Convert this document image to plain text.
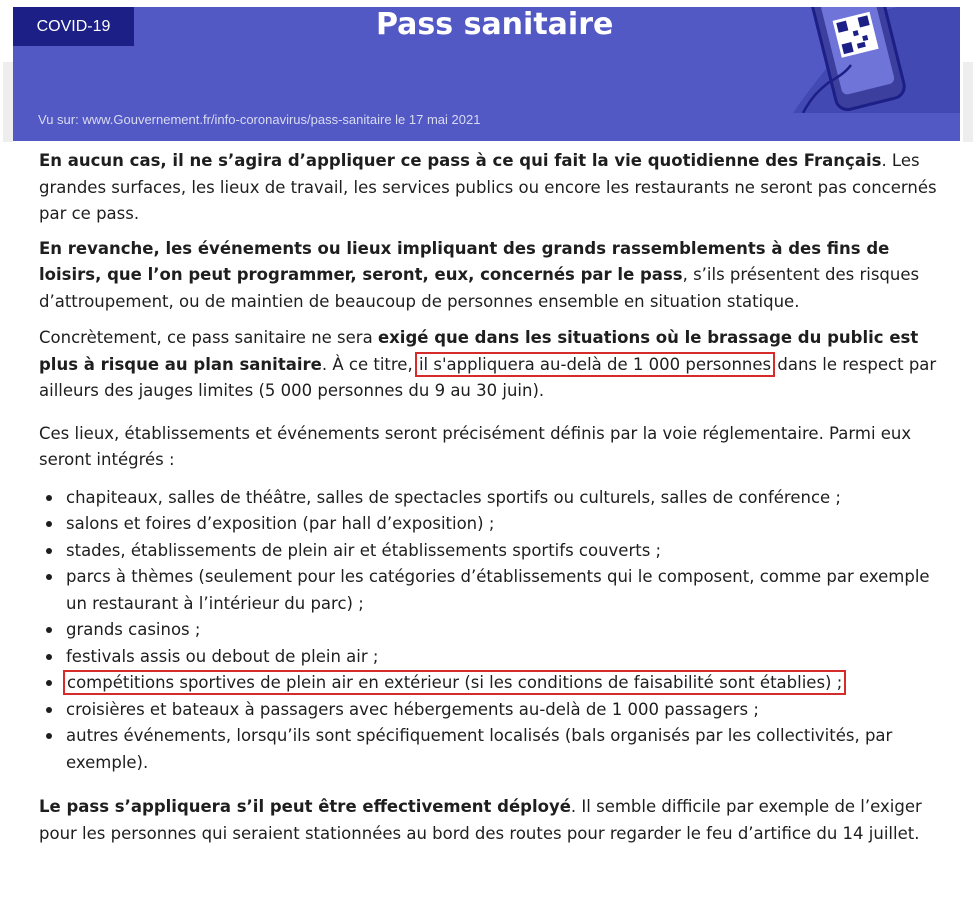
COVID-19	Pass sanitaire
Vu sur: www.Gouvernement.fr/info-coronavirus/pass-sanitaire le 17 mai 2021

En aucun cas, il ne s’agira d’appliquer ce pass à ce qui fait la vie quotidienne des Français. Les grandes surfaces, les lieux de travail, les services publics ou encore les restaurants ne seront pas concernés par ce pass.

En revanche, les événements ou lieux impliquant des grands rassemblements à des fins de loisirs, que l’on peut programmer, seront, eux, concernés par le pass, s’ils présentent des risques d’attroupement, ou de maintien de beaucoup de personnes ensemble en situation statique.

Concrètement, ce pass sanitaire ne sera exigé que dans les situations où le brassage du public est plus à risque au plan sanitaire. À ce titre, il s'appliquera au-delà de 1 000 personnes dans le respect par ailleurs des jauges limites (5 000 personnes du 9 au 30 juin).

Ces lieux, établissements et événements seront précisément définis par la voie réglementaire. Parmi eux seront intégrés :

chapiteaux, salles de théâtre, salles de spectacles sportifs ou culturels, salles de conférence ;
salons et foires d’exposition (par hall d’exposition) ;
stades, établissements de plein air et établissements sportifs couverts ;
parcs à thèmes (seulement pour les catégories d’établissements qui le composent, comme par exemple un restaurant à l’intérieur du parc) ;
grands casinos ;
festivals assis ou debout de plein air ;
compétitions sportives de plein air en extérieur (si les conditions de faisabilité sont établies) ;
croisières et bateaux à passagers avec hébergements au-delà de 1 000 passagers ;
autres événements, lorsqu’ils sont spécifiquement localisés (bals organisés par les collectivités, par exemple).

Le pass s’appliquera s’il peut être effectivement déployé. Il semble difficile par exemple de l’exiger pour les personnes qui seraient stationnées au bord des routes pour regarder le feu d’artifice du 14 juillet.
